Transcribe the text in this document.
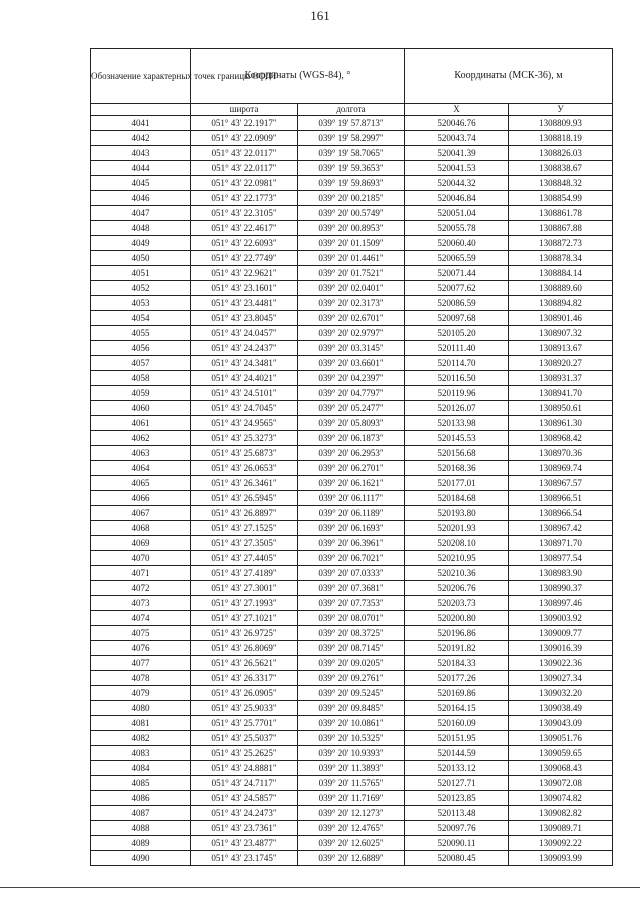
161
Обозначение характерных точек границы ООПТ	Координаты (WGS-84), °		Координаты (МСК-36), м	
	широта	долгота	X	У
4041	051° 43' 22.1917"	039° 19' 57.8713"	520046.76	1308809.93
4042	051° 43' 22.0909"	039° 19' 58.2997"	520043.74	1308818.19
4043	051° 43' 22.0117"	039° 19' 58.7065"	520041.39	1308826.03
4044	051° 43' 22.0117"	039° 19' 59.3653"	520041.53	1308838.67
4045	051° 43' 22.0981"	039° 19' 59.8693"	520044.32	1308848.32
4046	051° 43' 22.1773"	039° 20' 00.2185"	520046.84	1308854.99
4047	051° 43' 22.3105"	039° 20' 00.5749"	520051.04	1308861.78
4048	051° 43' 22.4617"	039° 20' 00.8953"	520055.78	1308867.88
4049	051° 43' 22.6093"	039° 20' 01.1509"	520060.40	1308872.73
4050	051° 43' 22.7749"	039° 20' 01.4461"	520065.59	1308878.34
4051	051° 43' 22.9621"	039° 20' 01.7521"	520071.44	1308884.14
4052	051° 43' 23.1601"	039° 20' 02.0401"	520077.62	1308889.60
4053	051° 43' 23.4481"	039° 20' 02.3173"	520086.59	1308894.82
4054	051° 43' 23.8045"	039° 20' 02.6701"	520097.68	1308901.46
4055	051° 43' 24.0457"	039° 20' 02.9797"	520105.20	1308907.32
4056	051° 43' 24.2437"	039° 20' 03.3145"	520111.40	1308913.67
4057	051° 43' 24.3481"	039° 20' 03.6601"	520114.70	1308920.27
4058	051° 43' 24.4021"	039° 20' 04.2397"	520116.50	1308931.37
4059	051° 43' 24.5101"	039° 20' 04.7797"	520119.96	1308941.70
4060	051° 43' 24.7045"	039° 20' 05.2477"	520126.07	1308950.61
4061	051° 43' 24.9565"	039° 20' 05.8093"	520133.98	1308961.30
4062	051° 43' 25.3273"	039° 20' 06.1873"	520145.53	1308968.42
4063	051° 43' 25.6873"	039° 20' 06.2953"	520156.68	1308970.36
4064	051° 43' 26.0653"	039° 20' 06.2701"	520168.36	1308969.74
4065	051° 43' 26.3461"	039° 20' 06.1621"	520177.01	1308967.57
4066	051° 43' 26.5945"	039° 20' 06.1117"	520184.68	1308966.51
4067	051° 43' 26.8897"	039° 20' 06.1189"	520193.80	1308966.54
4068	051° 43' 27.1525"	039° 20' 06.1693"	520201.93	1308967.42
4069	051° 43' 27.3505"	039° 20' 06.3961"	520208.10	1308971.70
4070	051° 43' 27.4405"	039° 20' 06.7021"	520210.95	1308977.54
4071	051° 43' 27.4189"	039° 20' 07.0333"	520210.36	1308983.90
4072	051° 43' 27.3001"	039° 20' 07.3681"	520206.76	1308990.37
4073	051° 43' 27.1993"	039° 20' 07.7353"	520203.73	1308997.46
4074	051° 43' 27.1021"	039° 20' 08.0701"	520200.80	1309003.92
4075	051° 43' 26.9725"	039° 20' 08.3725"	520196.86	1309009.77
4076	051° 43' 26.8069"	039° 20' 08.7145"	520191.82	1309016.39
4077	051° 43' 26.5621"	039° 20' 09.0205"	520184.33	1309022.36
4078	051° 43' 26.3317"	039° 20' 09.2761"	520177.26	1309027.34
4079	051° 43' 26.0905"	039° 20' 09.5245"	520169.86	1309032.20
4080	051° 43' 25.9033"	039° 20' 09.8485"	520164.15	1309038.49
4081	051° 43' 25.7701"	039° 20' 10.0861"	520160.09	1309043.09
4082	051° 43' 25.5037"	039° 20' 10.5325"	520151.95	1309051.76
4083	051° 43' 25.2625"	039° 20' 10.9393"	520144.59	1309059.65
4084	051° 43' 24.8881"	039° 20' 11.3893"	520133.12	1309068.43
4085	051° 43' 24.7117"	039° 20' 11.5765"	520127.71	1309072.08
4086	051° 43' 24.5857"	039° 20' 11.7169"	520123.85	1309074.82
4087	051° 43' 24.2473"	039° 20' 12.1273"	520113.48	1309082.82
4088	051° 43' 23.7361"	039° 20' 12.4765"	520097.76	1309089.71
4089	051° 43' 23.4877"	039° 20' 12.6025"	520090.11	1309092.22
4090	051° 43' 23.1745"	039° 20' 12.6889"	520080.45	1309093.99
